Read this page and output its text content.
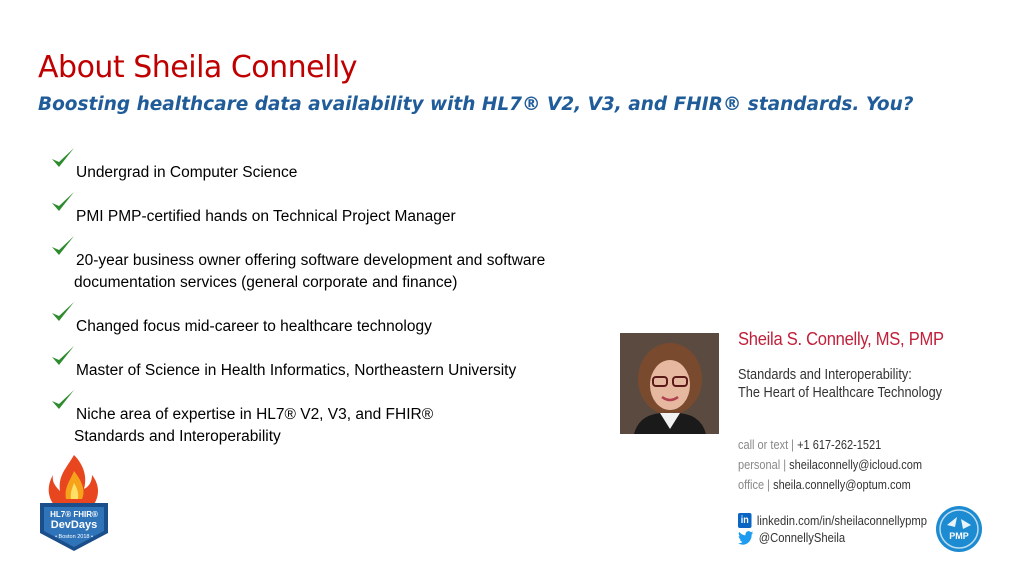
About Sheila Connelly
Boosting healthcare data availability with HL7® V2, V3, and FHIR® standards. You?
Undergrad in Computer Science
PMI PMP-certified hands on Technical Project Manager
20-year business owner offering software development and software
documentation services (general corporate and finance)
Changed focus mid-career to healthcare technology
Master of Science in Health Informatics, Northeastern University
Niche area of expertise in HL7® V2, V3, and FHIR®
Standards and Interoperability
HL7® FHIR®
DevDays
• Boston 2018 •
Sheila S. Connelly, MS, PMP
Standards and Interoperability:
The Heart of Healthcare Technology
call or text | +1 617-262-1521
personal | sheilaconnelly@icloud.com
office | sheila.connelly@optum.com
in linkedin.com/in/sheilaconnellypmp
@ConnellySheila	PMP
